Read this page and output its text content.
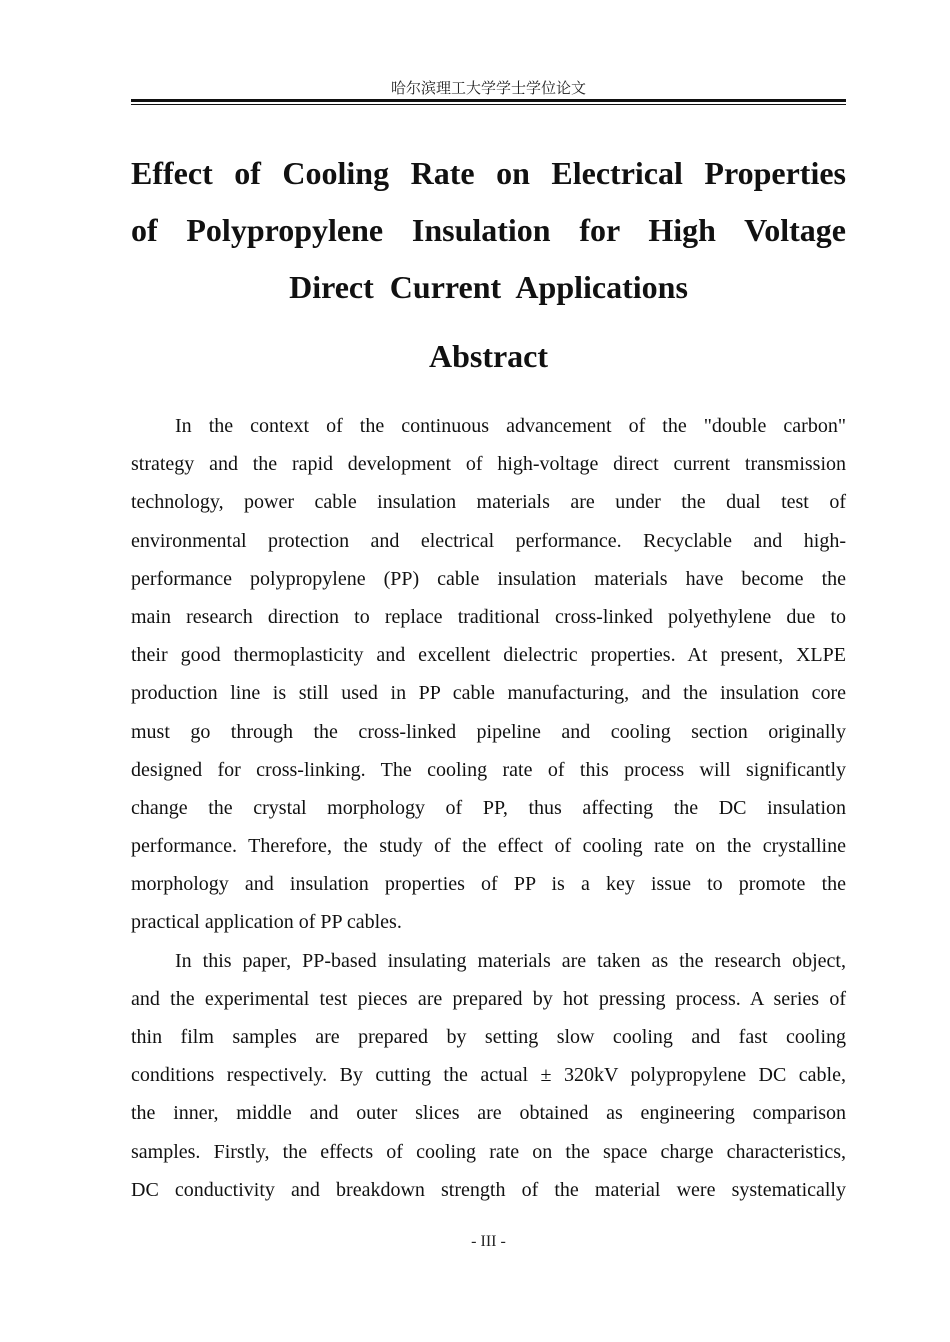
哈尔滨理工大学学士学位论文
Effect of Cooling Rate on Electrical Properties
of Polypropylene Insulation for High Voltage
Direct Current Applications
Abstract
In the context of the continuous advancement of the "double carbon"
strategy and the rapid development of high-voltage direct current transmission
technology, power cable insulation materials are under the dual test of
environmental protection and electrical performance. Recyclable and high-
performance polypropylene (PP) cable insulation materials have become the
main research direction to replace traditional cross-linked polyethylene due to
their good thermoplasticity and excellent dielectric properties. At present, XLPE
production line is still used in PP cable manufacturing, and the insulation core
must go through the cross-linked pipeline and cooling section originally
designed for cross-linking. The cooling rate of this process will significantly
change the crystal morphology of PP, thus affecting the DC insulation
performance. Therefore, the study of the effect of cooling rate on the crystalline
morphology and insulation properties of PP is a key issue to promote the
practical application of PP cables.
In this paper, PP-based insulating materials are taken as the research object,
and the experimental test pieces are prepared by hot pressing process. A series of
thin film samples are prepared by setting slow cooling and fast cooling
conditions respectively. By cutting the actual ± 320kV polypropylene DC cable,
the inner, middle and outer slices are obtained as engineering comparison
samples. Firstly, the effects of cooling rate on the space charge characteristics,
DC conductivity and breakdown strength of the material were systematically
- III -
